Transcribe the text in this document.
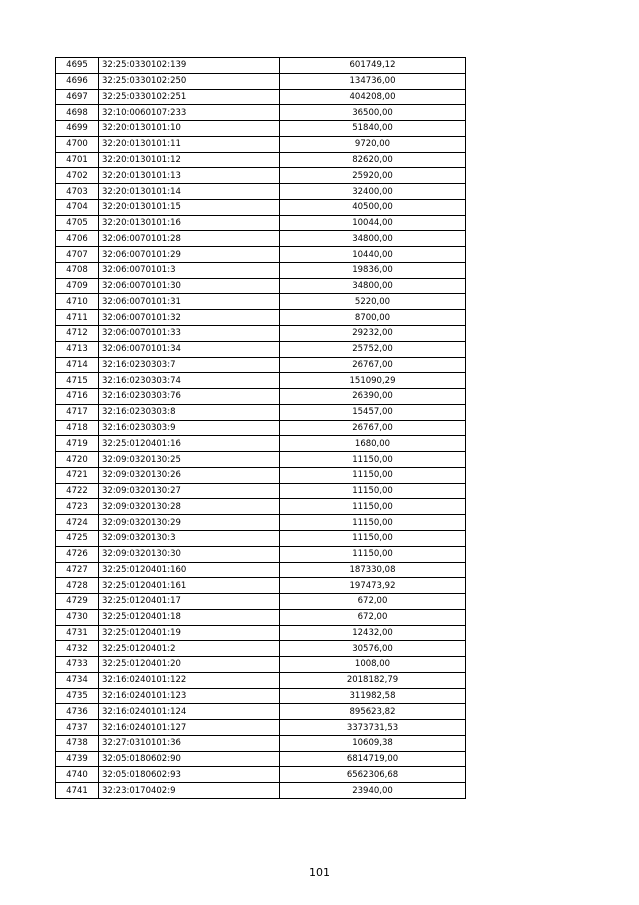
4695	32:25:0330102:139	601749,12
4696	32:25:0330102:250	134736,00
4697	32:25:0330102:251	404208,00
4698	32:10:0060107:233	36500,00
4699	32:20:0130101:10	51840,00
4700	32:20:0130101:11	9720,00
4701	32:20:0130101:12	82620,00
4702	32:20:0130101:13	25920,00
4703	32:20:0130101:14	32400,00
4704	32:20:0130101:15	40500,00
4705	32:20:0130101:16	10044,00
4706	32:06:0070101:28	34800,00
4707	32:06:0070101:29	10440,00
4708	32:06:0070101:3	19836,00
4709	32:06:0070101:30	34800,00
4710	32:06:0070101:31	5220,00
4711	32:06:0070101:32	8700,00
4712	32:06:0070101:33	29232,00
4713	32:06:0070101:34	25752,00
4714	32:16:0230303:7	26767,00
4715	32:16:0230303:74	151090,29
4716	32:16:0230303:76	26390,00
4717	32:16:0230303:8	15457,00
4718	32:16:0230303:9	26767,00
4719	32:25:0120401:16	1680,00
4720	32:09:0320130:25	11150,00
4721	32:09:0320130:26	11150,00
4722	32:09:0320130:27	11150,00
4723	32:09:0320130:28	11150,00
4724	32:09:0320130:29	11150,00
4725	32:09:0320130:3	11150,00
4726	32:09:0320130:30	11150,00
4727	32:25:0120401:160	187330,08
4728	32:25:0120401:161	197473,92
4729	32:25:0120401:17	672,00
4730	32:25:0120401:18	672,00
4731	32:25:0120401:19	12432,00
4732	32:25:0120401:2	30576,00
4733	32:25:0120401:20	1008,00
4734	32:16:0240101:122	2018182,79
4735	32:16:0240101:123	311982,58
4736	32:16:0240101:124	895623,82
4737	32:16:0240101:127	3373731,53
4738	32:27:0310101:36	10609,38
4739	32:05:0180602:90	6814719,00
4740	32:05:0180602:93	6562306,68
4741	32:23:0170402:9	23940,00
101
